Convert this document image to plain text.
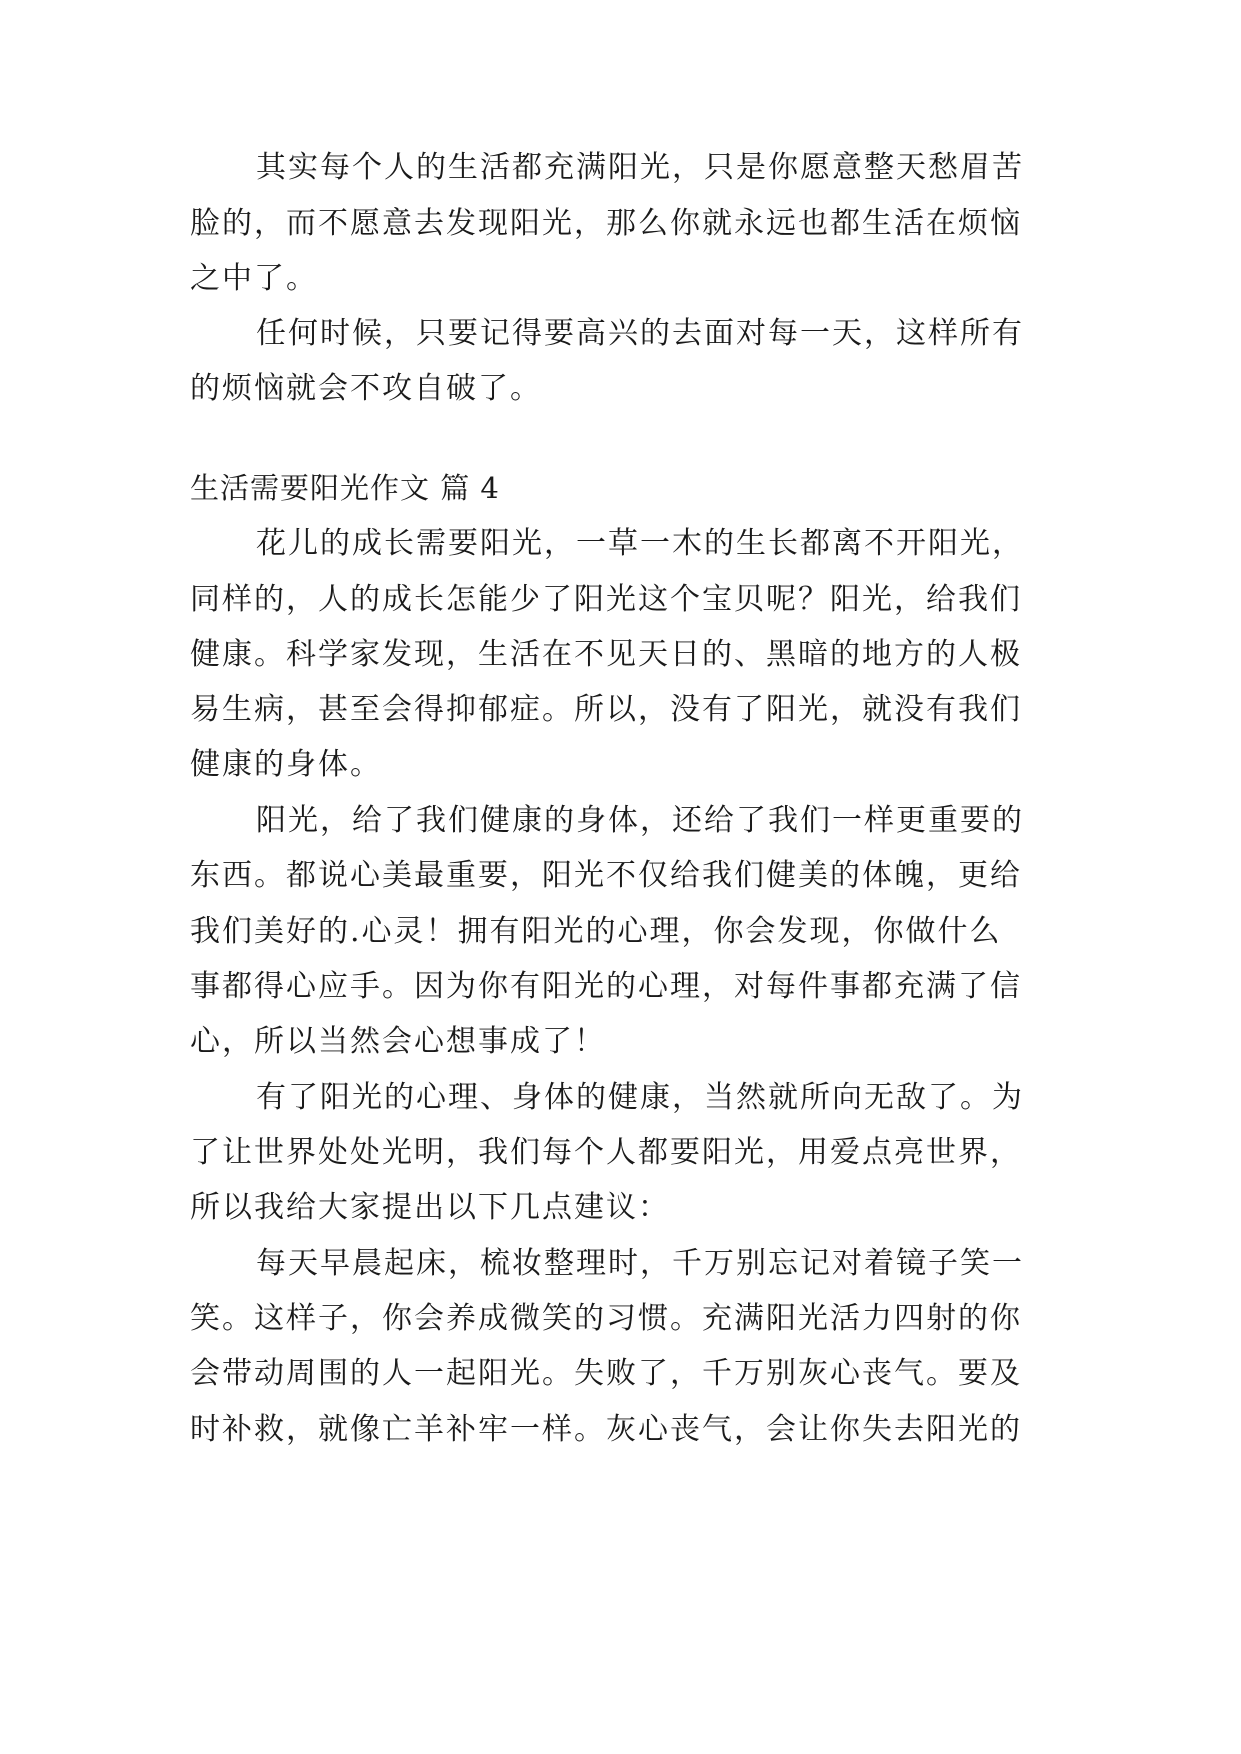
其实每个人的生活都充满阳光，只是你愿意整天愁眉苦
脸的，而不愿意去发现阳光，那么你就永远也都生活在烦恼
之中了。
任何时候，只要记得要高兴的去面对每一天，这样所有
的烦恼就会不攻自破了。
生活需要阳光作文 篇 4
花儿的成长需要阳光，一草一木的生长都离不开阳光，
同样的，人的成长怎能少了阳光这个宝贝呢？阳光，给我们
健康。科学家发现，生活在不见天日的、黑暗的地方的人极
易生病，甚至会得抑郁症。所以，没有了阳光，就没有我们
健康的身体。
阳光，给了我们健康的身体，还给了我们一样更重要的
东西。都说心美最重要，阳光不仅给我们健美的体魄，更给
我们美好的.心灵！拥有阳光的心理，你会发现，你做什么
事都得心应手。因为你有阳光的心理，对每件事都充满了信
心，所以当然会心想事成了！
有了阳光的心理、身体的健康，当然就所向无敌了。为
了让世界处处光明，我们每个人都要阳光，用爱点亮世界，
所以我给大家提出以下几点建议：
每天早晨起床，梳妆整理时，千万别忘记对着镜子笑一
笑。这样子，你会养成微笑的习惯。充满阳光活力四射的你
会带动周围的人一起阳光。失败了，千万别灰心丧气。要及
时补救，就像亡羊补牢一样。灰心丧气，会让你失去阳光的
